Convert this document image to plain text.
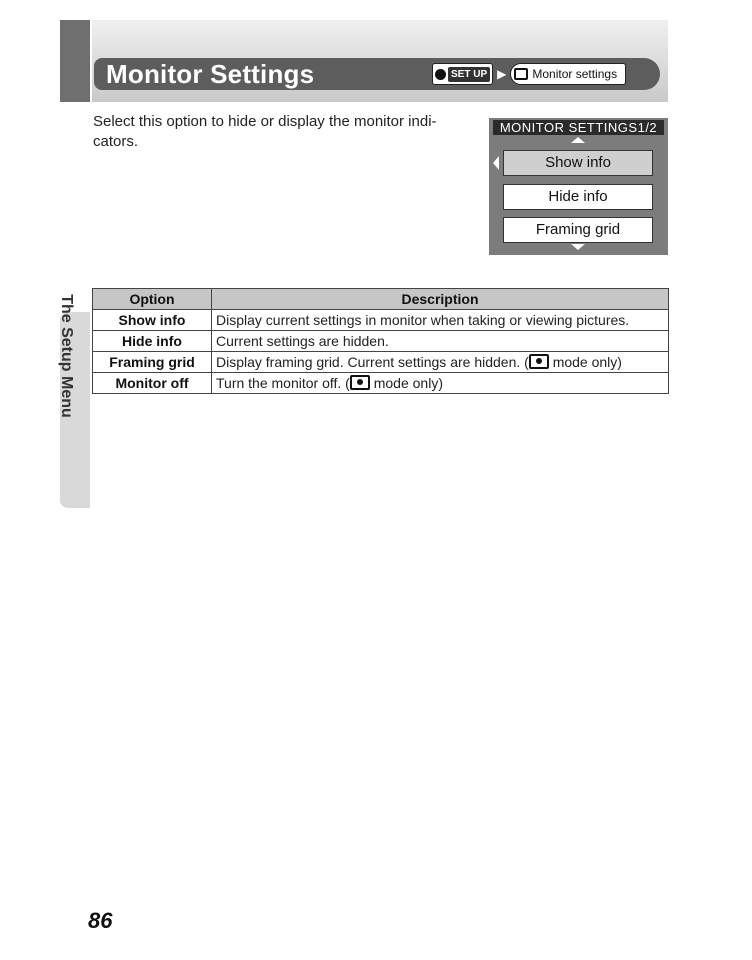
Monitor Settings	SET UP ▶ Monitor settings

Select this option to hide or display the monitor indi-cators.

MONITOR SETTINGS1/2
Show info
Hide info
Framing grid
The Setup Menu	Option	Description
Show info	Display current settings in monitor when taking or viewing pictures.
Hide info	Current settings are hidden.
Framing grid	Display framing grid. Current settings are hidden. ( mode only)
Monitor off	Turn the monitor off. ( mode only)

86
